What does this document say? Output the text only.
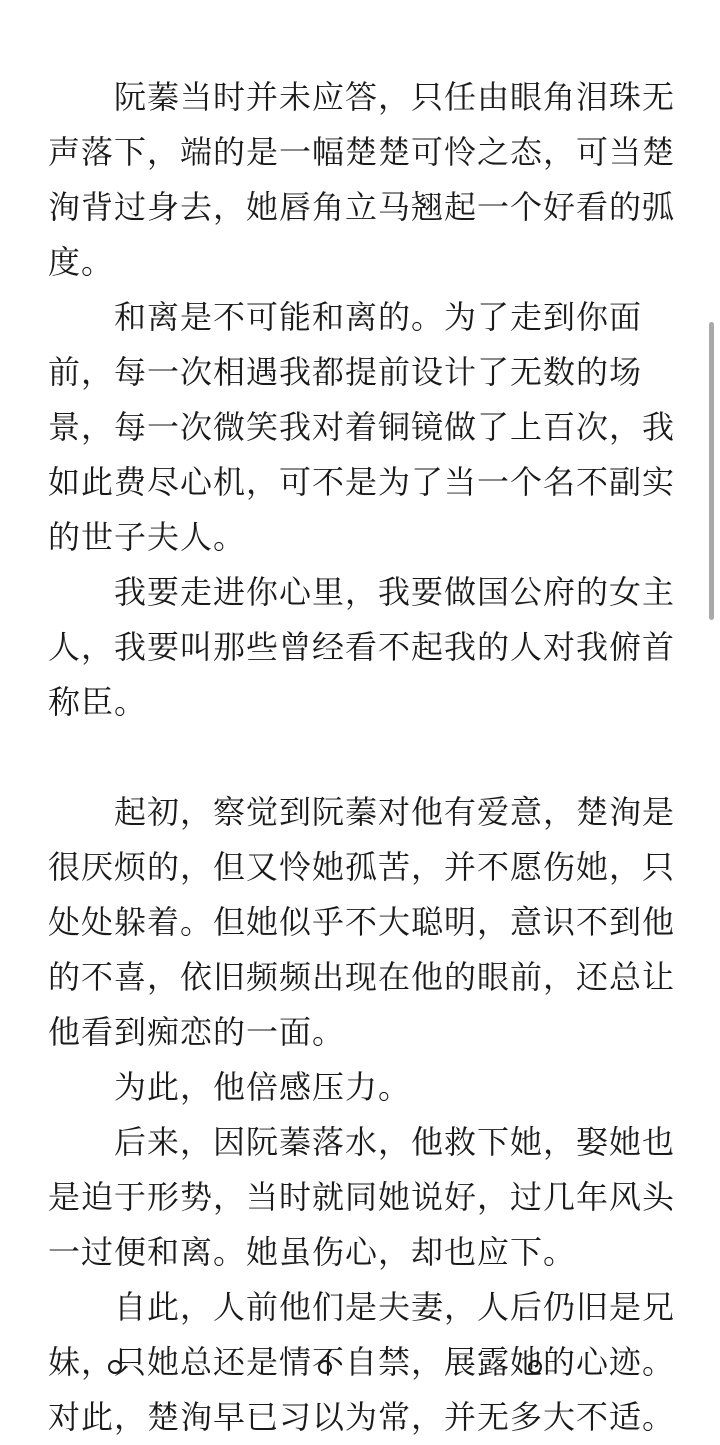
　　阮蓁当时并未应答，只任由眼角泪珠无声落下，端的是一幅楚楚可怜之态，可当楚洵背过身去，她唇角立马翘起一个好看的弧度。

　　和离是不可能和离的。为了走到你面前，每一次相遇我都提前设计了无数的场景，每一次微笑我对着铜镜做了上百次，我如此费尽心机，可不是为了当一个名不副实的世子夫人。

　　我要走进你心里，我要做国公府的女主人，我要叫那些曾经看不起我的人对我俯首称臣。

　　起初，察觉到阮蓁对他有爱意，楚洵是很厌烦的，但又怜她孤苦，并不愿伤她，只处处躲着。但她似乎不大聪明，意识不到他的不喜，依旧频频出现在他的眼前，还总让他看到痴恋的一面。

　　为此，他倍感压力。

　　后来，因阮蓁落水，他救下她，娶她也是迫于形势，当时就同她说好，过几年风头一过便和离。她虽伤心，却也应下。

　　自此，人前他们是夫妻，人后仍旧是兄妹，只她总还是情不自禁，展露她的心迹。对此，楚洵早已习以为常，并无多大不适。
